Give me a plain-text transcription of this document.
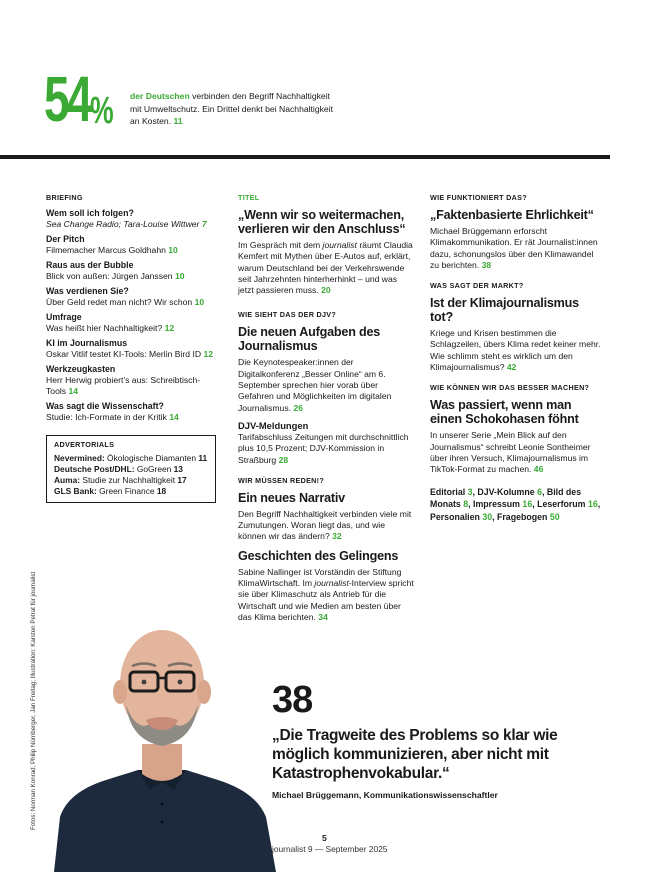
54 % der Deutschen verbinden den Begriff Nachhaltigkeit mit Umweltschutz. Ein Drittel denkt bei Nachhaltigkeit an Kosten. 11
BRIEFING
Wem soll ich folgen?
Sea Change Radio; Tara-Louise Wittwer 7
Der Pitch
Filmemacher Marcus Goldhahn 10
Raus aus der Bubble
Blick von außen: Jürgen Janssen 10
Was verdienen Sie?
Über Geld redet man nicht? Wir schon 10
Umfrage
Was heißt hier Nachhaltigkeit? 12
KI im Journalismus
Oskar Vitlif testet KI-Tools: Merlin Bird ID 12
Werkzeugkasten
Herr Herwig probiert’s aus: Schreibtisch-Tools 14
Was sagt die Wissenschaft?
Studie: Ich-Formate in der Kritik 14
ADVERTORIALS
Nevermined: Ökologische Diamanten 11
Deutsche Post/DHL: GoGreen 13
Auma: Studie zur Nachhaltigkeit 17
GLS Bank: Green Finance 18
TITEL
„Wenn wir so weitermachen, verlieren wir den Anschluss“
Im Gespräch mit dem journalist räumt Claudia Kemfert mit Mythen über E-Autos auf, erklärt, warum Deutschland bei der Verkehrswende seit Jahrzehnten hinterherhinkt – und was jetzt passieren muss. 20
WIE SIEHT DAS DER DJV?
Die neuen Aufgaben des Journalismus
Die Keynotespeaker:innen der Digitalkonferenz „Besser Online“ am 6. September sprechen hier vorab über Gefahren und Möglichkeiten im digitalen Journalismus. 26
DJV-Meldungen
Tarifabschluss Zeitungen mit durchschnittlich plus 10,5 Prozent; DJV-Kommission in Straßburg 28
WIR MÜSSEN REDEN!?
Ein neues Narrativ
Den Begriff Nachhaltigkeit verbinden viele mit Zumutungen. Woran liegt das, und wie können wir das ändern? 32
Geschichten des Gelingens
Sabine Nallinger ist Vorständin der Stiftung KlimaWirtschaft. Im journalist-Interview spricht sie über Klimaschutz als Antrieb für die Wirtschaft und wie Medien am besten über das Klima berichten. 34
WIE FUNKTIONIERT DAS?
„Faktenbasierte Ehrlichkeit“
Michael Brüggemann erforscht Klimakommunikation. Er rät Journalist:innen dazu, schonungslos über den Klimawandel zu berichten. 38
WAS SAGT DER MARKT?
Ist der Klimajournalismus tot?
Kriege und Krisen bestimmen die Schlagzeilen, übers Klima redet keiner mehr. Wie schlimm steht es wirklich um den Klimajournalismus? 42
WIE KÖNNEN WIR DAS BESSER MACHEN?
Was passiert, wenn man einen Schokohasen föhnt
In unserer Serie „Mein Blick auf den Journalismus“ schreibt Leonie Sontheimer über ihren Versuch, Klimajournalismus im TikTok-Format zu machen. 46
Editorial 3, DJV-Kolumne 6, Bild des Monats 8, Impressum 16, Leserforum 16, Personalien 30, Fragebogen 50
Fotos: Norman Konrad, Philip Nürnberger, Jan Freitag; Illustration: Karsten Petrat für journalist	38
„Die Tragweite des Problems so klar wie möglich kommunizieren, aber nicht mit Katastrophenvokabular.“
Michael Brüggemann, Kommunikationswissenschaftler
5
journalist 9 — September 2025
